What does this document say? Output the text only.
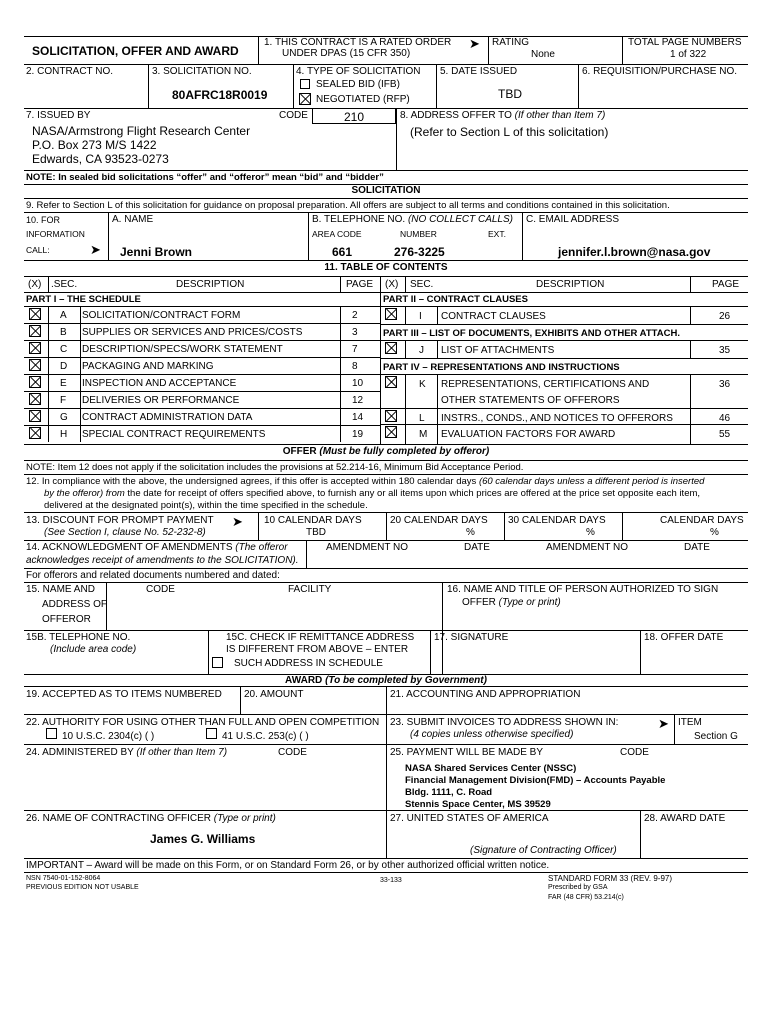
SOLICITATION, OFFER AND AWARD
1. THIS CONTRACT IS A RATED ORDER
UNDER DPAS (15 CFR 350)
➤ RATING
None
TOTAL PAGE NUMBERS
1 of 322
2. CONTRACT NO.	3. SOLICITATION NO.
80AFRC18R0019
4. TYPE OF SOLICITATION
SEALED BID (IFB)
NEGOTIATED (RFP)
5. DATE ISSUED
TBD
6. REQUISITION/PURCHASE NO.
7. ISSUED BY	CODE	210	8. ADDRESS OFFER TO (If other than Item 7)
(Refer to Section L of this solicitation)
NASA/Armstrong Flight Research Center
P.O. Box 273 M/S 1422
Edwards, CA 93523-0273
NOTE: In sealed bid solicitations “offer” and “offeror” mean “bid” and “bidder”
SOLICITATION
9. Refer to Section L of this solicitation for guidance on proposal preparation. All offers are subject to all terms and conditions contained in this solicitation.
10. FOR
INFORMATION
CALL:	➤
A. NAME	B. TELEPHONE NO. (NO COLLECT CALLS)
AREA CODE	NUMBER	EXT.
C. EMAIL ADDRESS
Jenni Brown	661	276-3225	jennifer.l.brown@nasa.gov
11. TABLE OF CONTENTS
(X) .SEC.	DESCRIPTION	PAGE (X) SEC.	DESCRIPTION	PAGE
PART I – THE SCHEDULE	PART II – CONTRACT CLAUSES
A SOLICITATION/CONTRACT FORM	2
B SUPPLIES OR SERVICES AND PRICES/COSTS	3
C DESCRIPTION/SPECS/WORK STATEMENT	7
D PACKAGING AND MARKING	8
E INSPECTION AND ACCEPTANCE	10
F DELIVERIES OR PERFORMANCE	12
G CONTRACT ADMINISTRATION DATA	14
H SPECIAL CONTRACT REQUIREMENTS	19
I CONTRACT CLAUSES	26
PART III – LIST OF DOCUMENTS, EXHIBITS AND OTHER ATTACH.
J LIST OF ATTACHMENTS	35
PART IV – REPRESENTATIONS AND INSTRUCTIONS
K REPRESENTATIONS, CERTIFICATIONS AND
OTHER STATEMENTS OF OFFERORS
36
L INSTRS., CONDS., AND NOTICES TO OFFERORS	46
M EVALUATION FACTORS FOR AWARD	55
OFFER (Must be fully completed by offeror)
NOTE: Item 12 does not apply if the solicitation includes the provisions at 52.214-16, Minimum Bid Acceptance Period.
12. In compliance with the above, the undersigned agrees, if this offer is accepted within 180 calendar days (60 calendar days unless a different period is inserted
by the offeror) from the date for receipt of offers specified above, to furnish any or all items upon which prices are offered at the price set opposite each item,
delivered at the designated point(s), within the time specified in the schedule.
13. DISCOUNT FOR PROMPT PAYMENT
(See Section I, clause No. 52-232-8)
➤ 10 CALENDAR DAYS
TBD
20 CALENDAR DAYS
%
30 CALENDAR DAYS
%
CALENDAR DAYS
%
14. ACKNOWLEDGMENT OF AMENDMENTS (The offeror
acknowledges receipt of amendments to the SOLICITATION).
AMENDMENT NO	DATE	AMENDMENT NO	DATE
For offerors and related documents numbered and dated:
15. NAME AND
ADDRESS OF
OFFEROR
CODE	FACILITY	16. NAME AND TITLE OF PERSON AUTHORIZED TO SIGN
OFFER (Type or print)
15B. TELEPHONE NO.
(Include area code)
15C. CHECK IF REMITTANCE ADDRESS
IS DIFFERENT FROM ABOVE – ENTER
SUCH ADDRESS IN SCHEDULE
17. SIGNATURE	18. OFFER DATE
AWARD (To be completed by Government)
19. ACCEPTED AS TO ITEMS NUMBERED 20. AMOUNT	21. ACCOUNTING AND APPROPRIATION
22. AUTHORITY FOR USING OTHER THAN FULL AND OPEN COMPETITION
10 U.S.C. 2304(c) ( )	41 U.S.C. 253(c) ( )
23. SUBMIT INVOICES TO ADDRESS SHOWN IN:
(4 copies unless otherwise specified)
➤ ITEM
Section G
24. ADMINISTERED BY (If other than Item 7)	CODE	25. PAYMENT WILL BE MADE BY	CODE
NASA Shared Services Center (NSSC)
Financial Management Division(FMD) – Accounts Payable
Bldg. 1111, C. Road
Stennis Space Center, MS 39529
26. NAME OF CONTRACTING OFFICER (Type or print)
James G. Williams
27. UNITED STATES OF AMERICA
(Signature of Contracting Officer)
28. AWARD DATE
IMPORTANT – Award will be made on this Form, or on Standard Form 26, or by other authorized official written notice.
NSN 7540-01-152-8064
PREVIOUS EDITION NOT USABLE
33-133	STANDARD FORM 33 (REV. 9-97)
Prescribed by GSA
FAR (48 CFR) 53.214(c)
